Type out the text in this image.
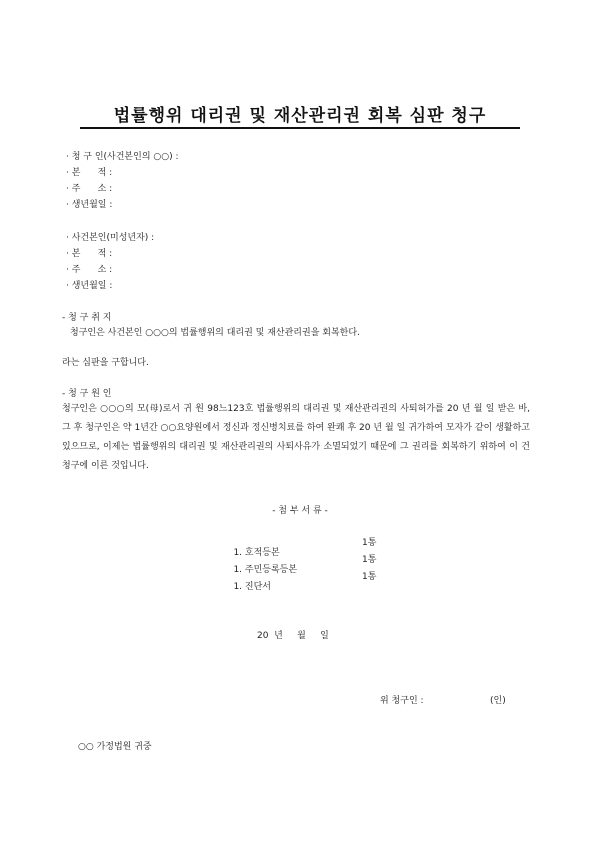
법률행위 대리권 및 재산관리권 회복 심판 청구
· 청 구 인(사건본인의 ○○) :
· 본      적 :
· 주      소 :
· 생년월일 :
· 사건본인(미성년자) :
· 본      적 :
· 주      소 :
· 생년월일 :
- 청 구 취 지
청구인은 사건본인 ○○○의 법률행위의 대리권 및 재산관리권을 회복한다.
라는 심판을 구합니다.
- 청 구 원 인
청구인은 ○○○의 모(母)로서 귀 원 98느123호 법률행위의 대리권 및 재산관리권의 사퇴허가를 20 년 월 일 받은 바, 그 후 청구인은 약 1년간 ○○요양원에서 정신과 정신병치료를 하여 완쾌 후 20 년 월 일 귀가하여 모자가 같이 생활하고 있으므로, 이제는 법률행위의 대리권 및 재산관리권의 사퇴사유가 소멸되었기 때문에 그 권리를 회복하기 위하여 이 건 청구에 이른 것입니다.
- 첨 부 서 류 -

1. 호적등본

1통

1. 주민등록등본

1통

1. 진단서

1통

20  년     월     일
위 청구인 :	(인)
○○ 가정법원 귀중
